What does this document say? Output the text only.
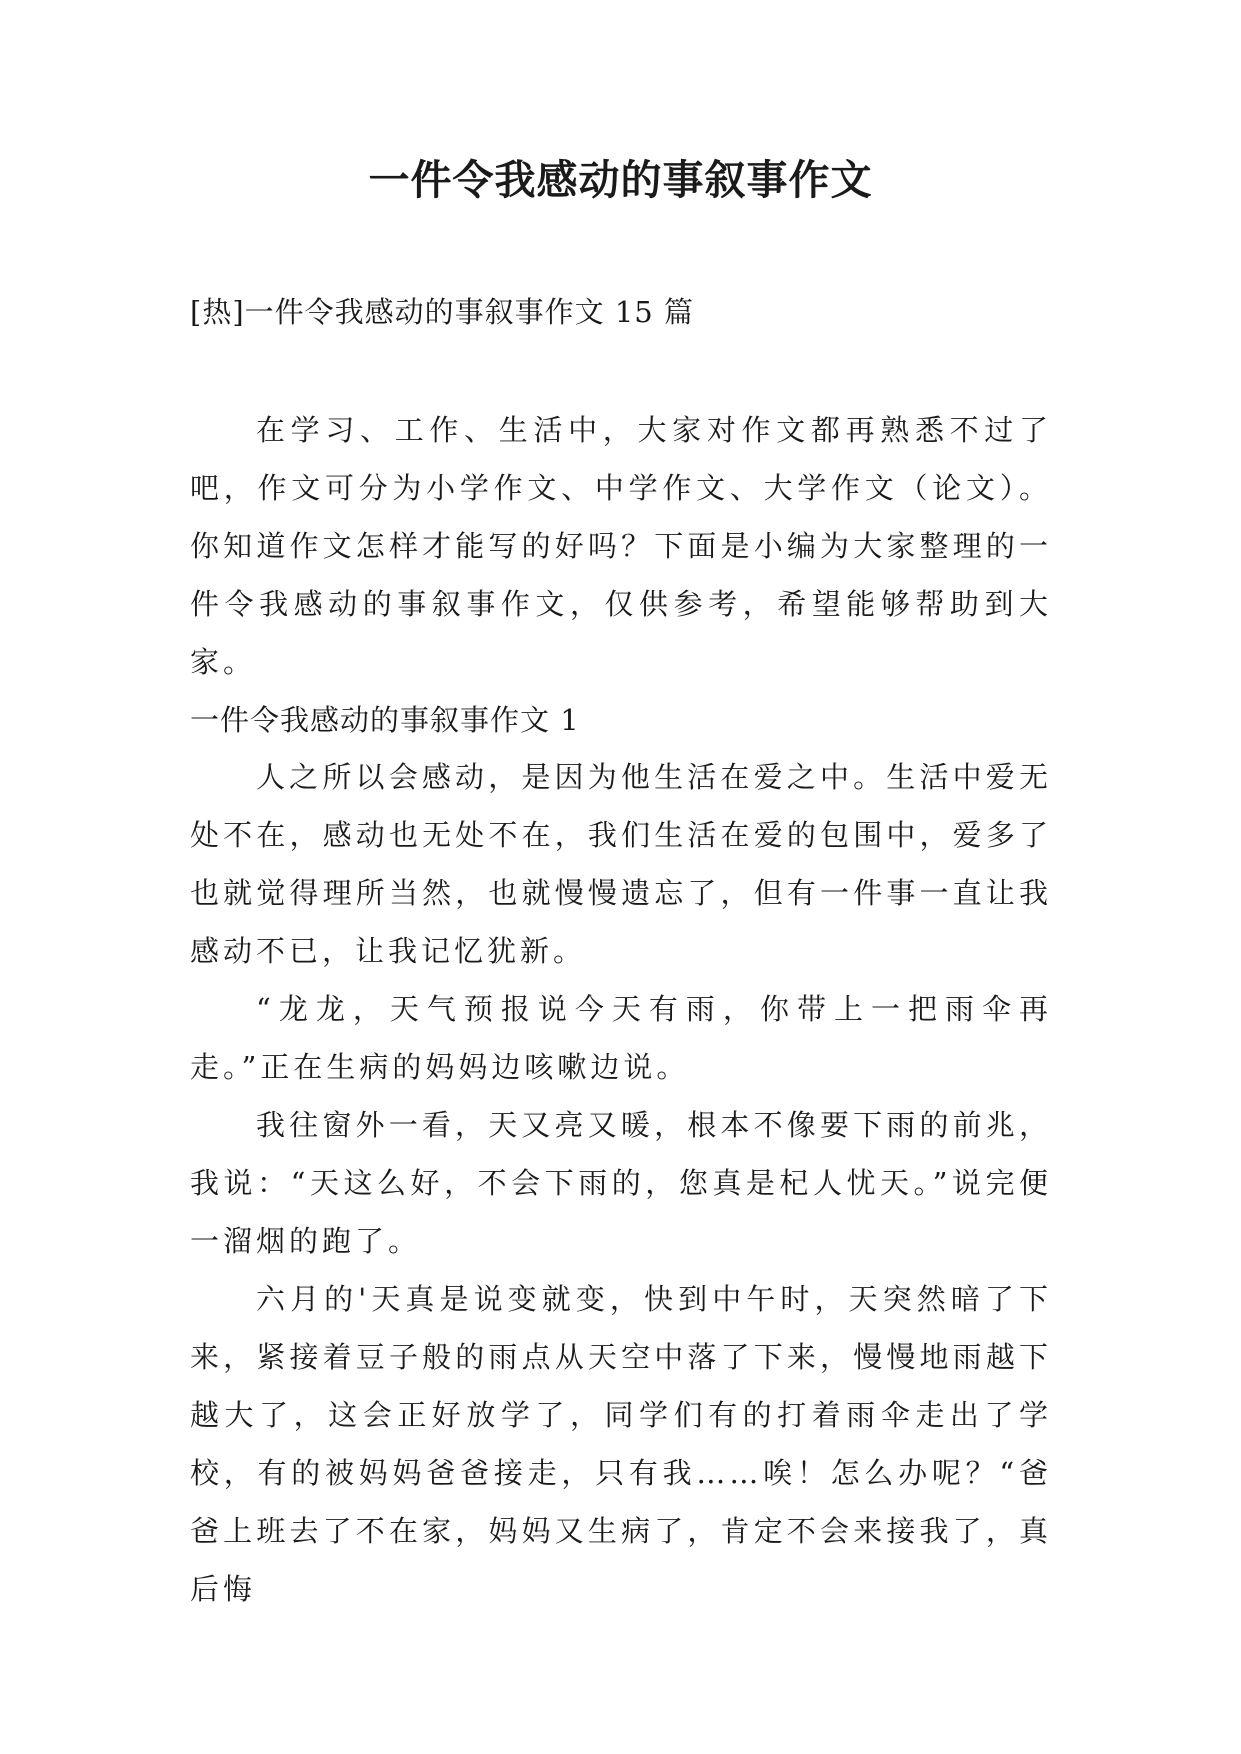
一件令我感动的事叙事作文

[热]一件令我感动的事叙事作文 15 篇

在学习、工作、生活中，大家对作文都再熟悉不过了吧，作文可分为小学作文、中学作文、大学作文（论文）。你知道作文怎样才能写的好吗？下面是小编为大家整理的一件令我感动的事叙事作文，仅供参考，希望能够帮助到大家。

一件令我感动的事叙事作文 1

人之所以会感动，是因为他生活在爱之中。生活中爱无处不在，感动也无处不在，我们生活在爱的包围中，爱多了也就觉得理所当然，也就慢慢遗忘了，但有一件事一直让我感动不已，让我记忆犹新。

“龙龙，天气预报说今天有雨，你带上一把雨伞再走。”正在生病的妈妈边咳嗽边说。

我往窗外一看，天又亮又暖，根本不像要下雨的前兆，我说：“天这么好，不会下雨的，您真是杞人忧天。”说完便一溜烟的跑了。

六月的'天真是说变就变，快到中午时，天突然暗了下来，紧接着豆子般的雨点从天空中落了下来，慢慢地雨越下越大了，这会正好放学了，同学们有的打着雨伞走出了学校，有的被妈妈爸爸接走，只有我……唉！怎么办呢？“爸爸上班去了不在家，妈妈又生病了，肯定不会来接我了，真后悔
